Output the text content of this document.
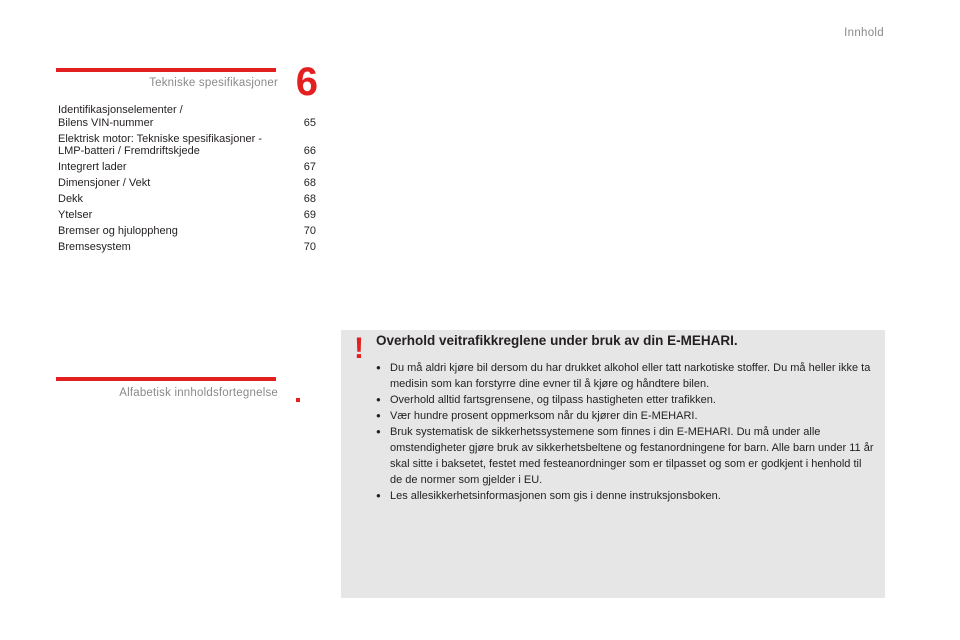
Innhold
Tekniske spesifikasjoner 6
Identifikasjonselementer /
Bilens VIN-nummer	65
Elektrisk motor: Tekniske spesifikasjoner -
LMP-batteri / Fremdriftskjede	66
Integrert lader	67
Dimensjoner / Vekt	68
Dekk	68
Ytelser	69
Bremser og hjuloppheng	70
Bremsesystem	70
Alfabetisk innholdsfortegnelse
! Overhold veitrafikkreglene under bruk av din E-MEHARI.
● Du må aldri kjøre bil dersom du har drukket alkohol eller tatt narkotiske stoffer. Du må heller ikke ta medisin som kan forstyrre dine evner til å kjøre og håndtere bilen.
● Overhold alltid fartsgrensene, og tilpass hastigheten etter trafikken.
● Vær hundre prosent oppmerksom når du kjører din E-MEHARI.
● Bruk systematisk de sikkerhetssystemene som finnes i din E-MEHARI. Du må under alle omstendigheter gjøre bruk av sikkerhetsbeltene og festanordningene for barn. Alle barn under 11 år skal sitte i baksetet, festet med festeanordninger som er tilpasset og som er godkjent i henhold til de de normer som gjelder i EU.
● Les allesikkerhetsinformasjonen som gis i denne instruksjonsboken.
